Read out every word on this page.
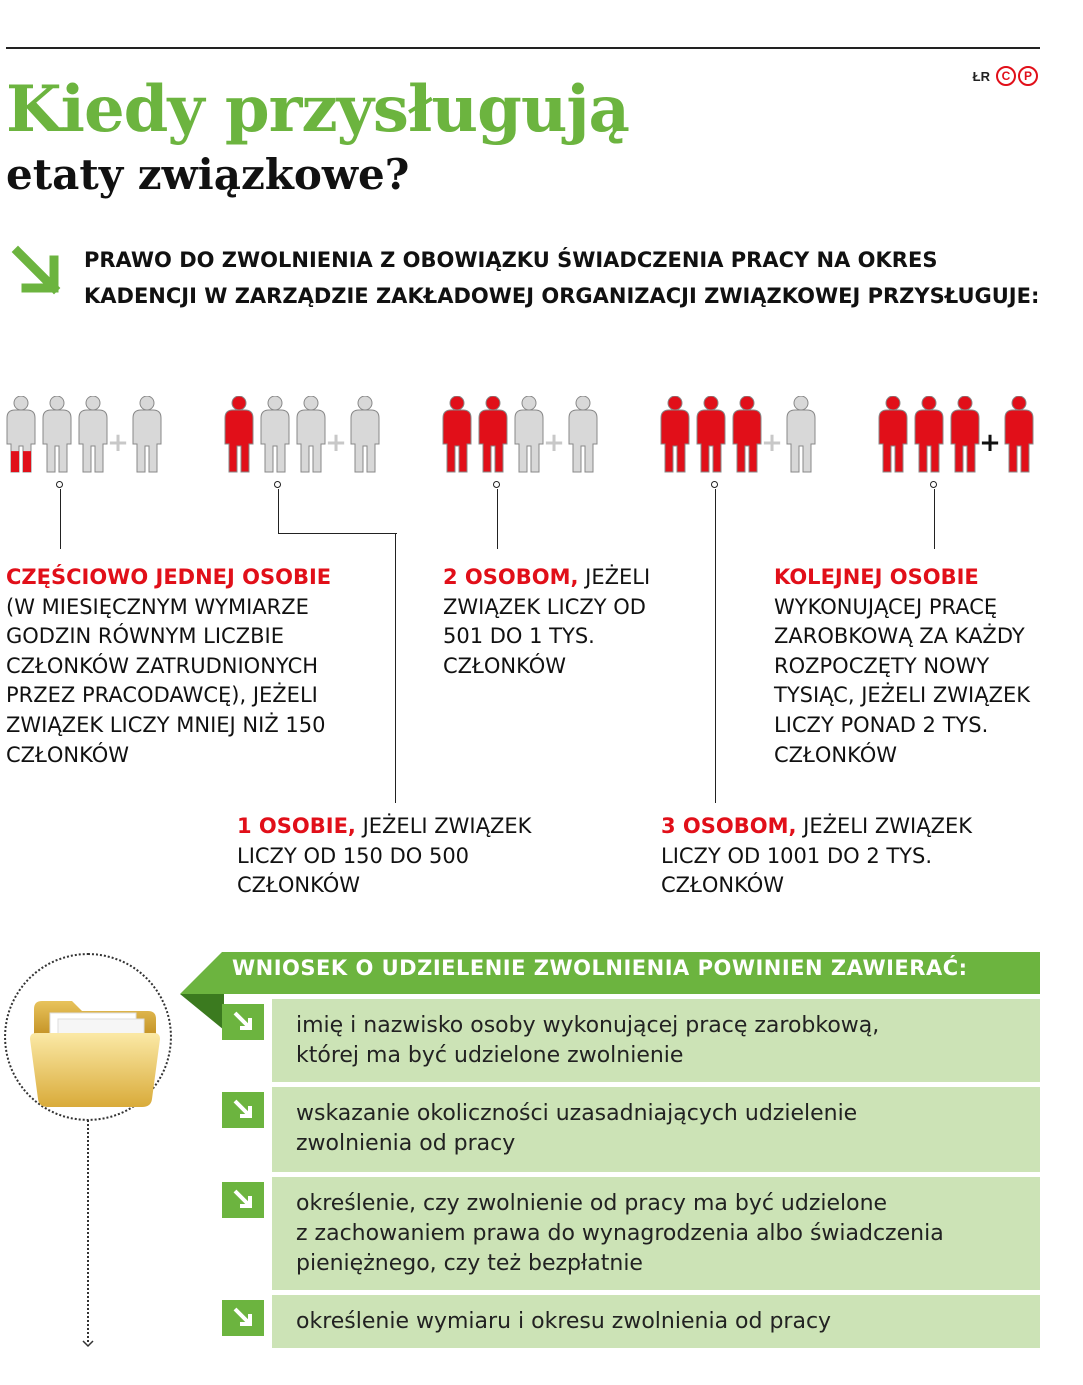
ŁR C	P
Kiedy przysługują
etaty związkowe?

PRAWO DO ZWOLNIENIA Z OBOWIĄZKU ŚWIADCZENIA PRACY NA OKRES KADENCJI W ZARZĄDZIE ZAKŁADOWEJ ORGANIZACJI ZWIĄZKOWEJ PRZYSŁUGUJE:

+	+	+	+	+

CZĘŚCIOWO JEDNEJ OSOBIE (W MIESIĘCZNYM WYMIARZE GODZIN RÓWNYM LICZBIE CZŁONKÓW ZATRUDNIONYCH PRZEZ PRACODAWCĘ), JEŻELI ZWIĄZEK LICZY MNIEJ NIŻ 150 CZŁONKÓW

1 OSOBIE, JEŻELI ZWIĄZEK LICZY OD 150 DO 500 CZŁONKÓW

2 OSOBOM, JEŻELI ZWIĄZEK LICZY OD 501 DO 1 TYS. CZŁONKÓW

3 OSOBOM, JEŻELI ZWIĄZEK LICZY OD 1001 DO 2 TYS. CZŁONKÓW

KOLEJNEJ OSOBIE WYKONUJĄCEJ PRACĘ ZAROBKOWĄ ZA KAŻDY ROZPOCZĘTY NOWY TYSIĄC, JEŻELI ZWIĄZEK LICZY PONAD 2 TYS. CZŁONKÓW

WNIOSEK O UDZIELENIE ZWOLNIENIA POWINIEN ZAWIERAĆ:
imię i nazwisko osoby wykonującej pracę zarobkową,
której ma być udzielone zwolnienie
wskazanie okoliczności uzasadniających udzielenie
zwolnienia od pracy
określenie, czy zwolnienie od pracy ma być udzielone
z zachowaniem prawa do wynagrodzenia albo świadczenia
pieniężnego, czy też bezpłatnie
określenie wymiaru i okresu zwolnienia od pracy
